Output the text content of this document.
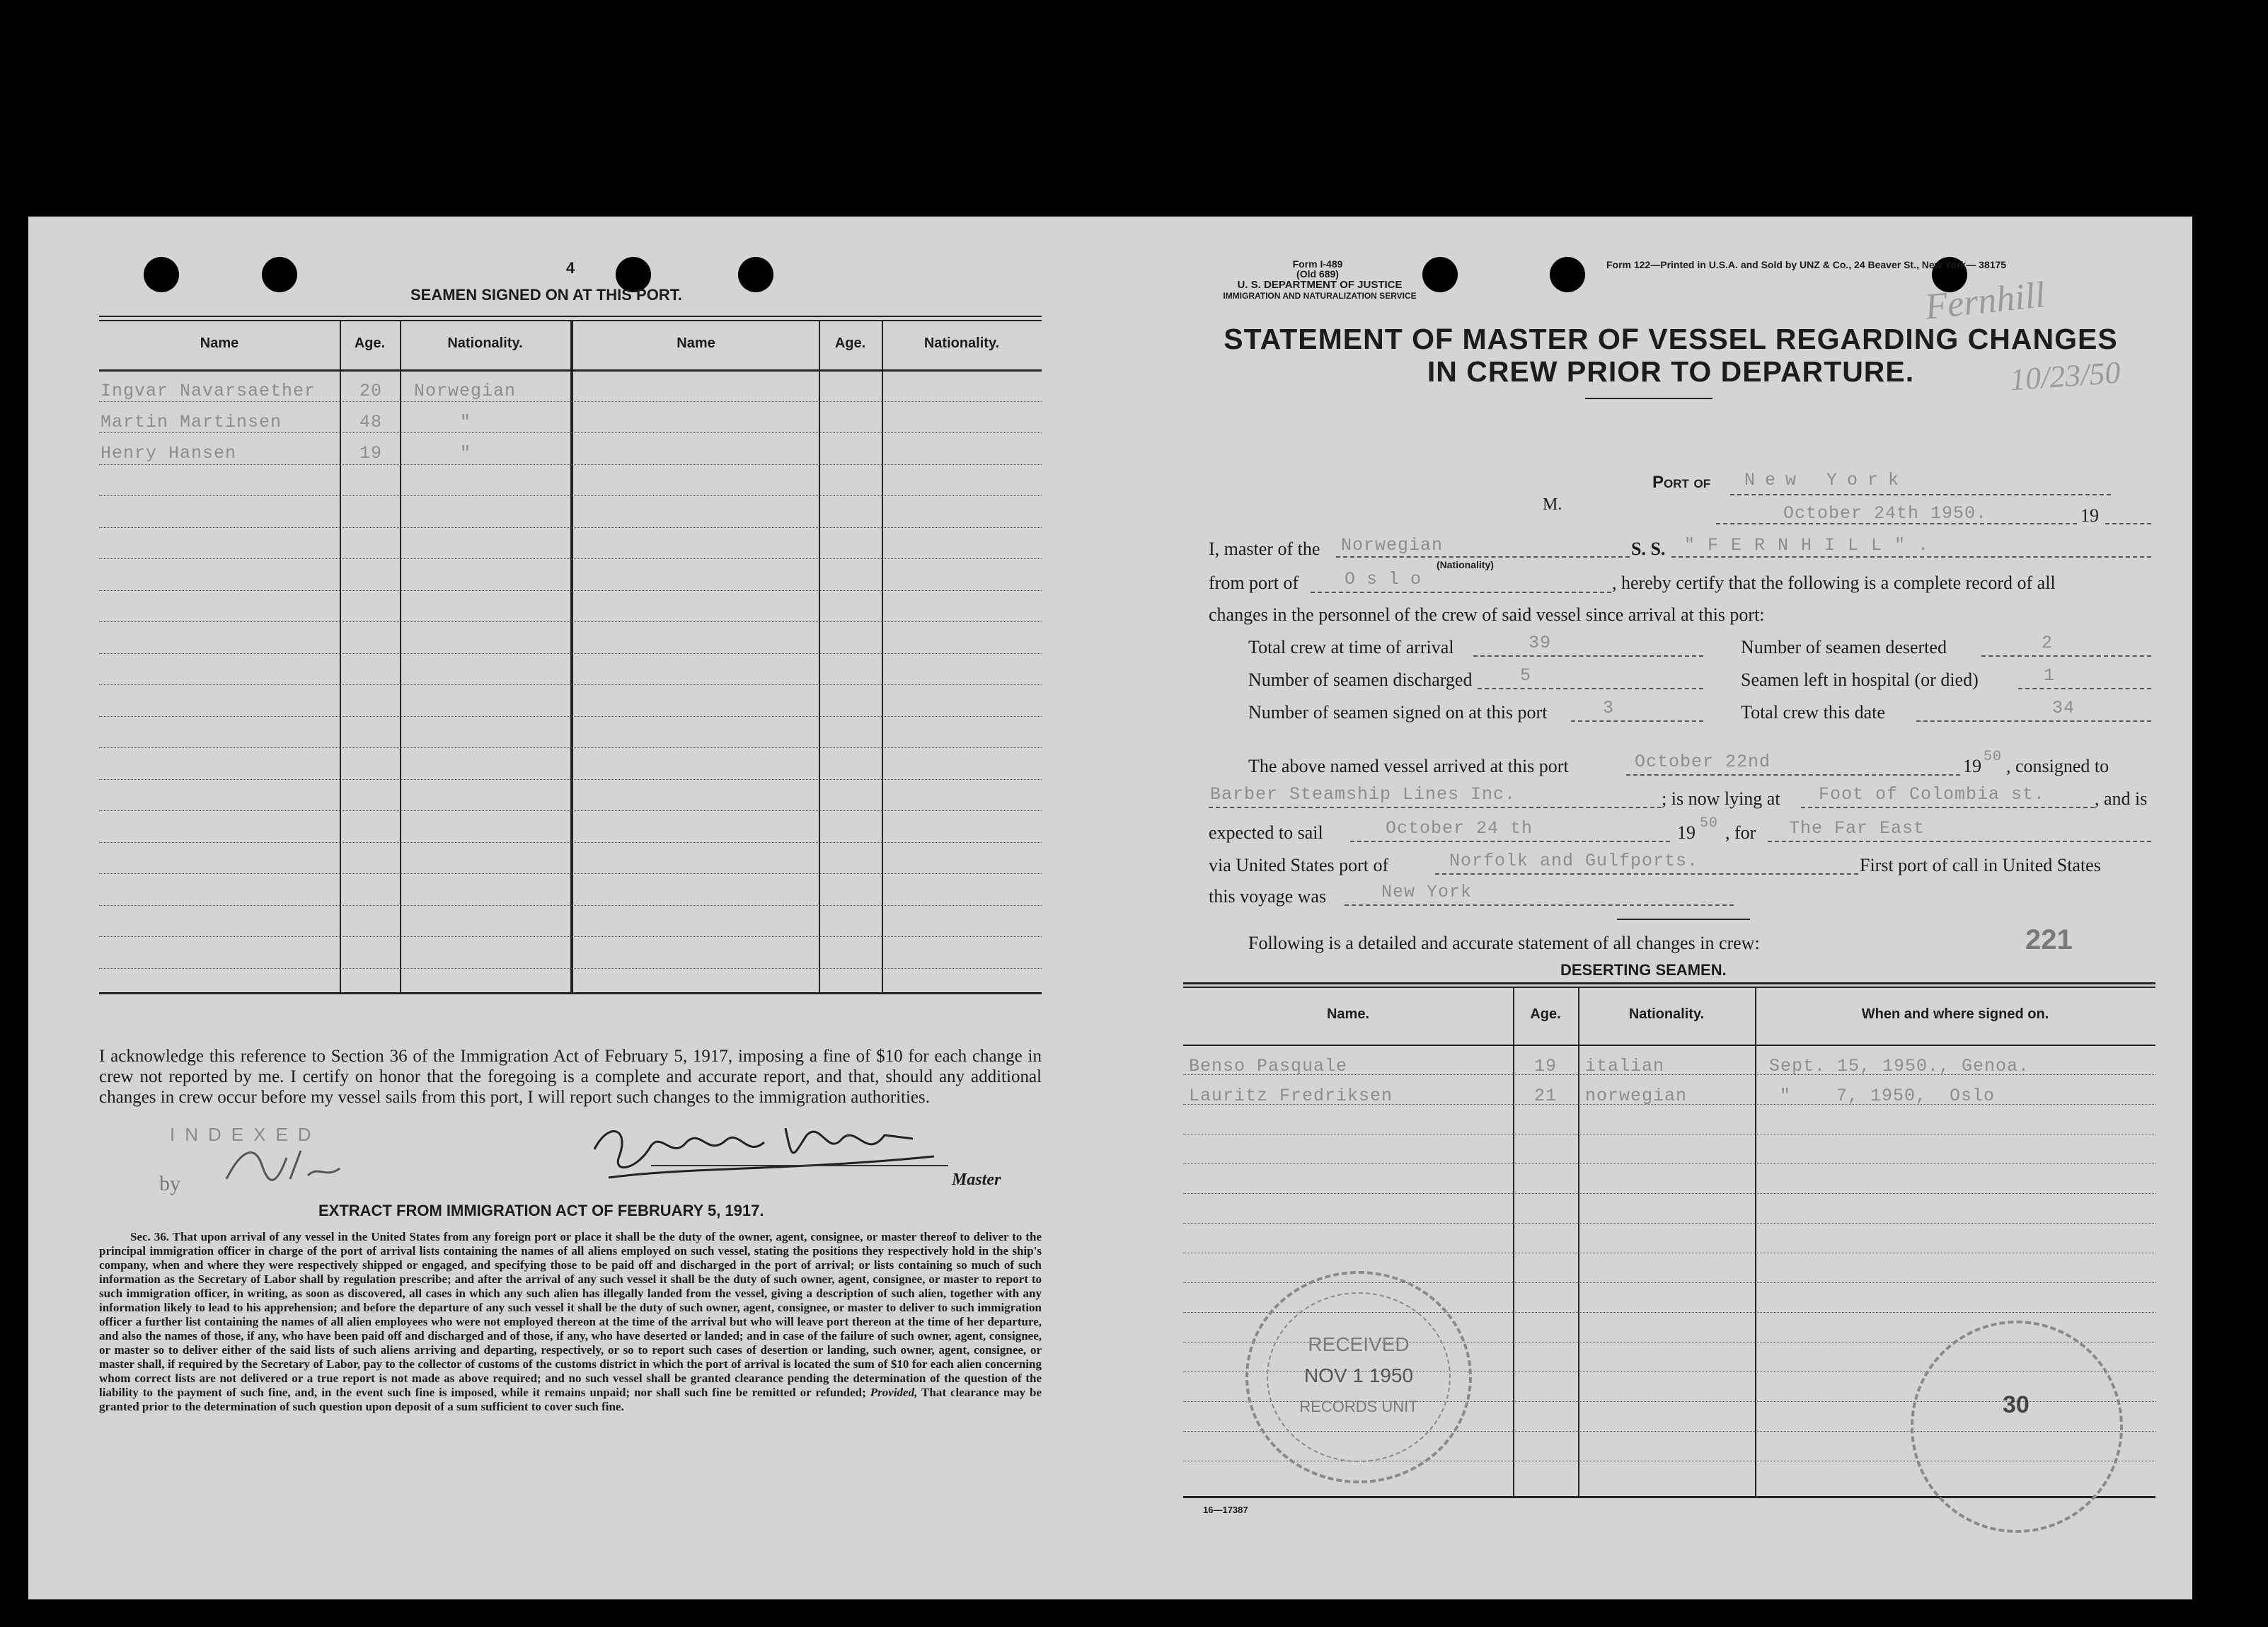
4
SEAMEN SIGNED ON AT THIS PORT.
Name	Age.	Nationality.	Name	Age.	Nationality.
Ingvar Navarsaether 20 Norwegian
Martin Martinsen	48	"
Henry Hansen	19	"
I acknowledge this reference to Section 36 of the Immigration Act of February 5, 1917, imposing a fine of $10 for each change in crew not reported by me. I certify on honor that the foregoing is a complete and accurate report, and that, should any additional changes in crew occur before my vessel sails from this port, I will report such changes to the immigration authorities.
INDEXED
by	Master
EXTRACT FROM IMMIGRATION ACT OF FEBRUARY 5, 1917.
Sec. 36. That upon arrival of any vessel in the United States from any foreign port or place it shall be the duty of the owner, agent, consignee, or master thereof to deliver to the principal immigration officer in charge of the port of arrival lists containing the names of all aliens employed on such vessel, stating the positions they respectively hold in the ship's company, when and where they were respectively shipped or engaged, and specifying those to be paid off and discharged in the port of arrival; or lists containing so much of such information as the Secretary of Labor shall by regulation prescribe; and after the arrival of any such vessel it shall be the duty of such owner, agent, consignee, or master to report to such immigration officer, in writing, as soon as discovered, all cases in which any such alien has illegally landed from the vessel, giving a description of such alien, together with any information likely to lead to his apprehension; and before the departure of any such vessel it shall be the duty of such owner, agent, consignee, or master to deliver to such immigration officer a further list containing the names of all alien employees who were not employed thereon at the time of the arrival but who will leave port thereon at the time of her departure, and also the names of those, if any, who have been paid off and discharged and of those, if any, who have deserted or landed; and in case of the failure of such owner, agent, consignee, or master so to deliver either of the said lists of such aliens arriving and departing, respectively, or so to report such cases of desertion or landing, such owner, agent, consignee, or master shall, if required by the Secretary of Labor, pay to the collector of customs of the customs district in which the port of arrival is located the sum of $10 for each alien concerning whom correct lists are not delivered or a true report is not made as above required; and no such vessel shall be granted clearance pending the determination of the question of the liability to the payment of such fine, and, in the event such fine is imposed, while it remains unpaid; nor shall such fine be remitted or refunded; Provided, That clearance may be granted prior to the determination of such question upon deposit of a sum sufficient to cover such fine.
Form I-489
(Old 689)
U. S. DEPARTMENT OF JUSTICE
IMMIGRATION AND NATURALIZATION SERVICE
Form 122—Printed in U.S.A. and Sold by UNZ & Co., 24 Beaver St., New York— 38175
STATEMENT OF MASTER OF VESSEL REGARDING CHANGES
IN CREW PRIOR TO DEPARTURE.
Fernhill
10/23/50
Port of New York
M.	October 24th 1950.	19
I, master of the Norwegian
(Nationality)
S. S. "FERNHILL".
from port of	Oslo	, hereby certify that the following is a complete record of all
changes in the personnel of the crew of said vessel since arrival at this port:
Total crew at time of arrival	39	Number of seamen deserted	2
Number of seamen discharged	5	Seamen left in hospital (or died)	1
Number of seamen signed on at this port	3	Total crew this date	34
The above named vessel arrived at this port	October 22nd	19 50 , consigned to
Barber Steamship Lines Inc.	; is now lying at Foot of Colombia st.	, and is
expected to sail	October 24 th	19 50 , for The Far East
via United States port of	Norfolk and Gulfports.	First port of call in United States
this voyage was	New York
Following is a detailed and accurate statement of all changes in crew:	221
DESERTING SEAMEN.
Name.	Age.	Nationality.	When and where signed on.
Benso Pasquale	19 italian	Sept. 15, 1950., Genoa.
Lauritz Fredriksen	21 norwegian	"    7, 1950,  Oslo
RECEIVED
NOV 1 1950
RECORDS UNIT	30
16—17387
